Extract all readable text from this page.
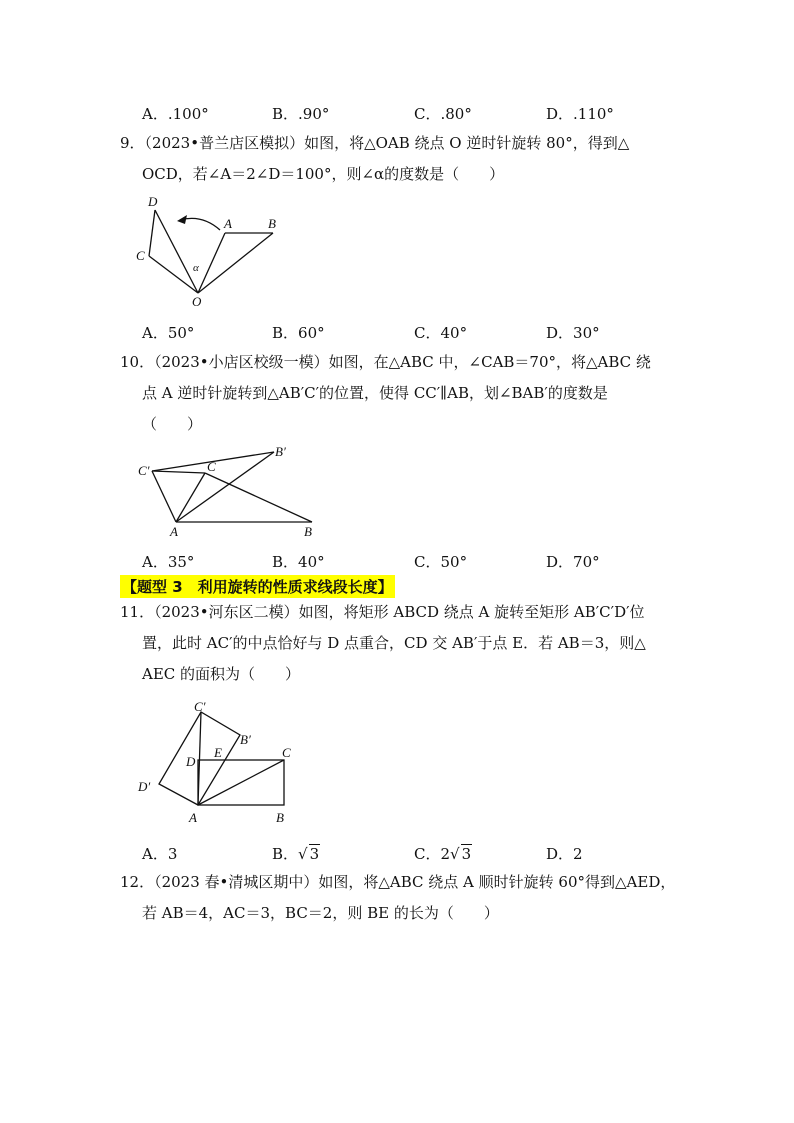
A．.100°	B．.90°	C．.80°	D．.110°
9．（2023•普兰店区模拟）如图，将△OAB 绕点 O 逆时针旋转 80°，得到△
OCD，若∠A＝2∠D＝100°，则∠α的度数是（　　）
D
A	B
C
α
O
A．50°	B．60°	C．40°	D．30°
10．（2023•小店区校级一模）如图，在△ABC 中，∠CAB＝70°，将△ABC 绕
点 A 逆时针旋转到△AB′C′的位置，使得 CC′∥AB，划∠BAB′的度数是
（　　）
C′	C
B′
A	B
A．35°	B．40°	C．50°	D．70°
【题型 3　利用旋转的性质求线段长度】
11．（2023•河东区二模）如图，将矩形 ABCD 绕点 A 旋转至矩形 AB′C′D′位
置，此时 AC′的中点恰好与 D 点重合，CD 交 AB′于点 E．若 AB＝3，则△
AEC 的面积为（　　）
C′
B′
C
D
E
D′
A	B
A．3	B．√ 3	C．2√ 3	D．2
12．（2023 春•清城区期中）如图，将△ABC 绕点 A 顺时针旋转 60°得到△AED，
若 AB＝4，AC＝3，BC＝2，则 BE 的长为（　　）
